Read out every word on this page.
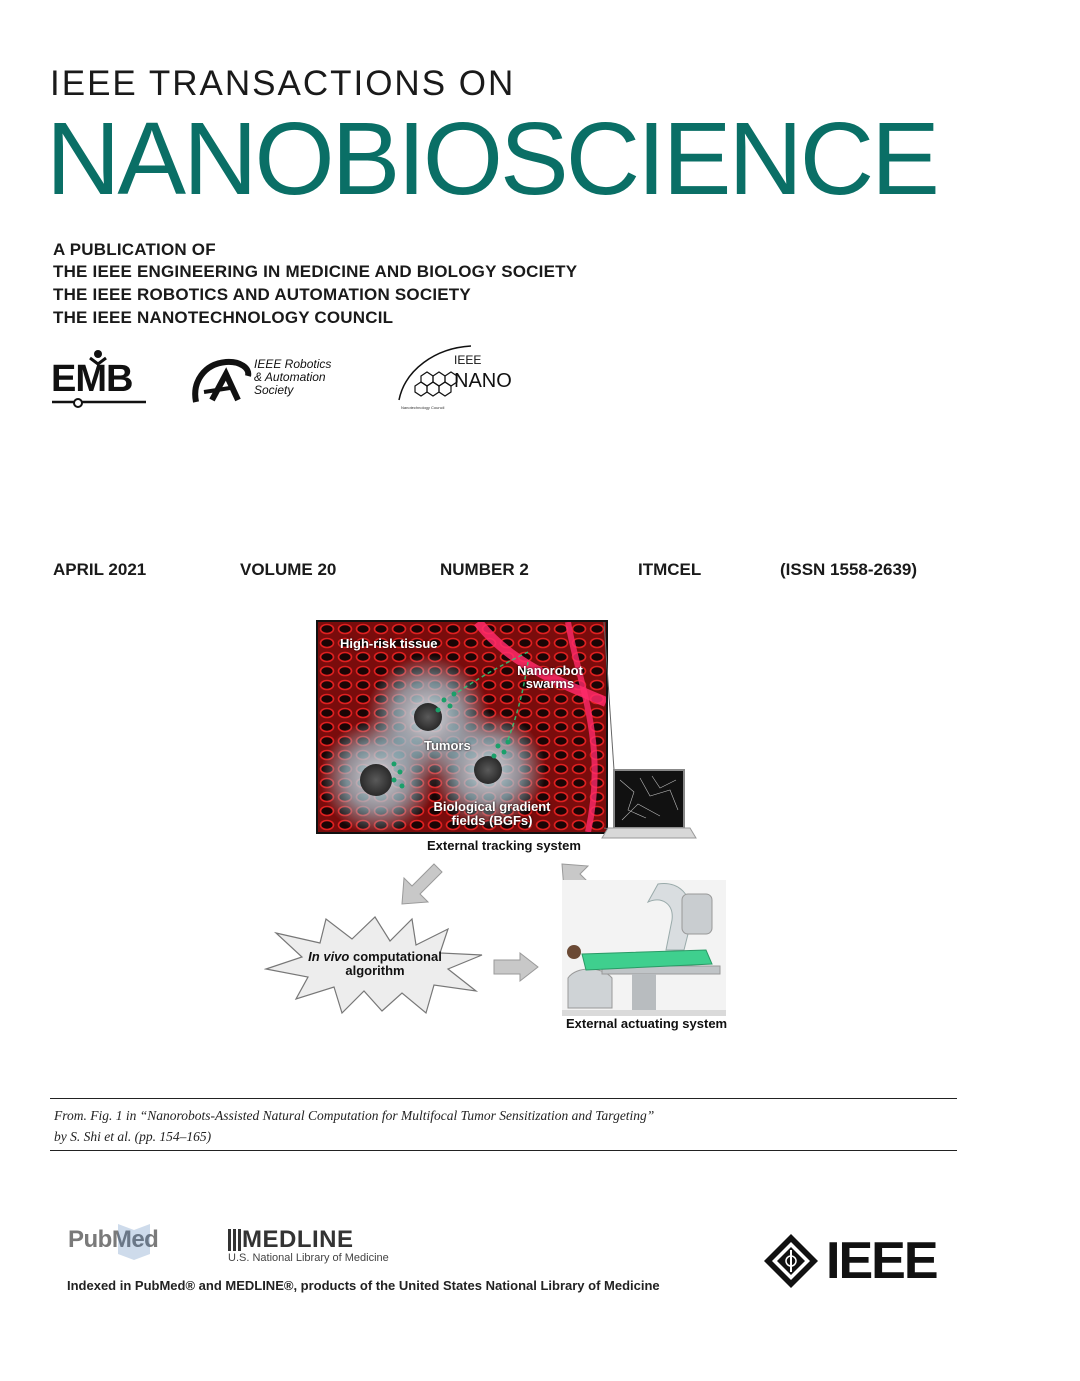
IEEE TRANSACTIONS ON
NANOBIOSCIENCE
A PUBLICATION OF
THE IEEE ENGINEERING IN MEDICINE AND BIOLOGY SOCIETY
THE IEEE ROBOTICS AND AUTOMATION SOCIETY
THE IEEE NANOTECHNOLOGY COUNCIL
EMB	IEEE Robotics
& Automation
Society
IEEE
NANO
Nanotechnology Council
APRIL 2021	VOLUME 20	NUMBER 2	ITMCEL	(ISSN 1558-2639)
High-risk tissue
Nanorobot
swarms
Tumors
Biological gradient
fields (BGFs)
External tracking system
In vivo computational
algorithm
External actuating system
From. Fig. 1 in “Nanorobots-Assisted Natural Computation for Multifocal Tumor Sensitization and Targeting”
by S. Shi et al. (pp. 154–165)
PubMed	MEDLINE
U.S. National Library of Medicine
Indexed in PubMed® and MEDLINE®, products of the United States National Library of Medicine	IEEE
